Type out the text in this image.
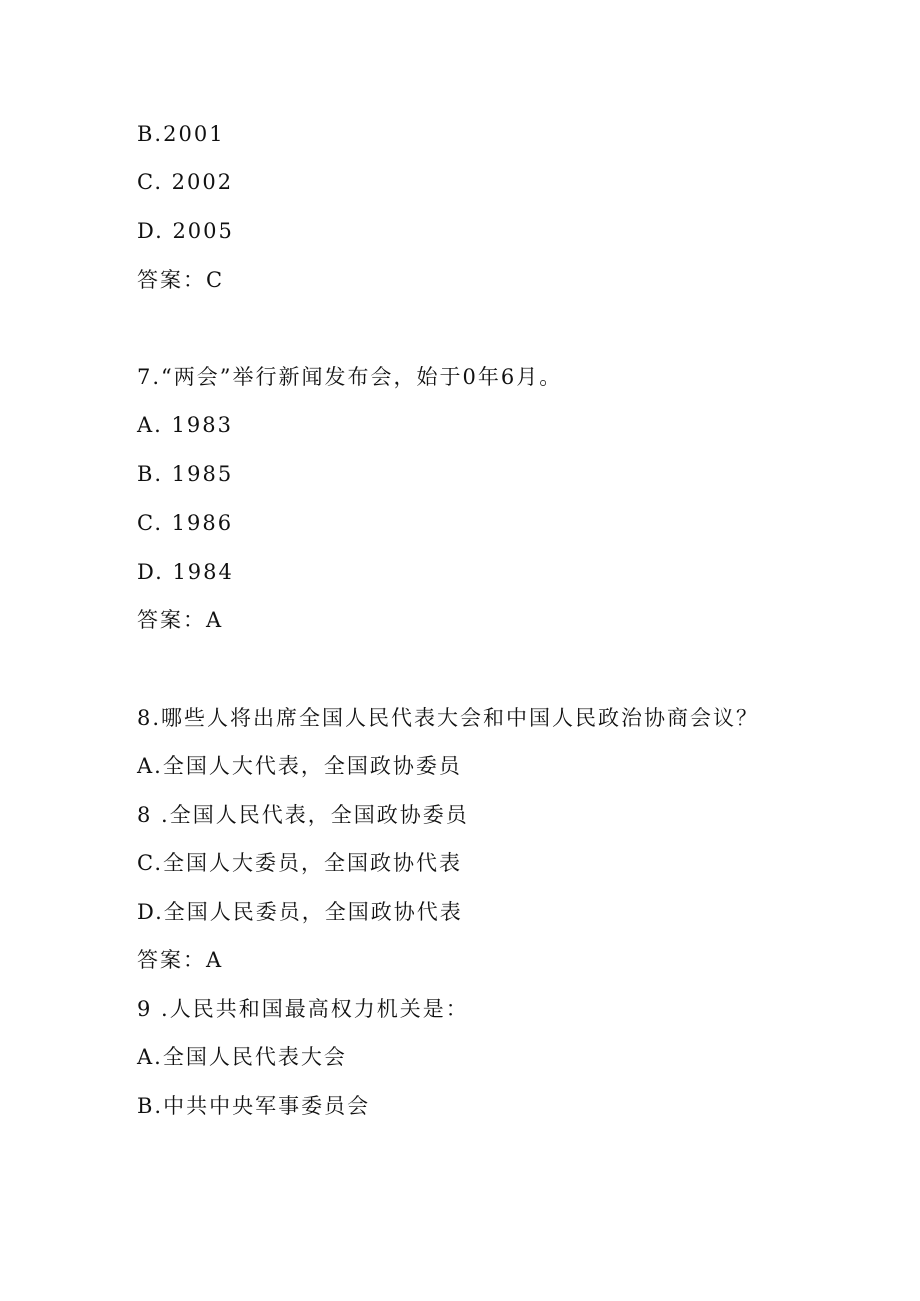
B.2001
C. 2002
D. 2005
答案：C
7.“两会”举行新闻发布会，始于0年6月。
A. 1983
B. 1985
C. 1986
D. 1984
答案：A
8.哪些人将出席全国人民代表大会和中国人民政治协商会议？
A.全国人大代表，全国政协委员
8 .全国人民代表，全国政协委员
C.全国人大委员，全国政协代表
D.全国人民委员，全国政协代表
答案：A
9 .人民共和国最高权力机关是：
A.全国人民代表大会
B.中共中央军事委员会
